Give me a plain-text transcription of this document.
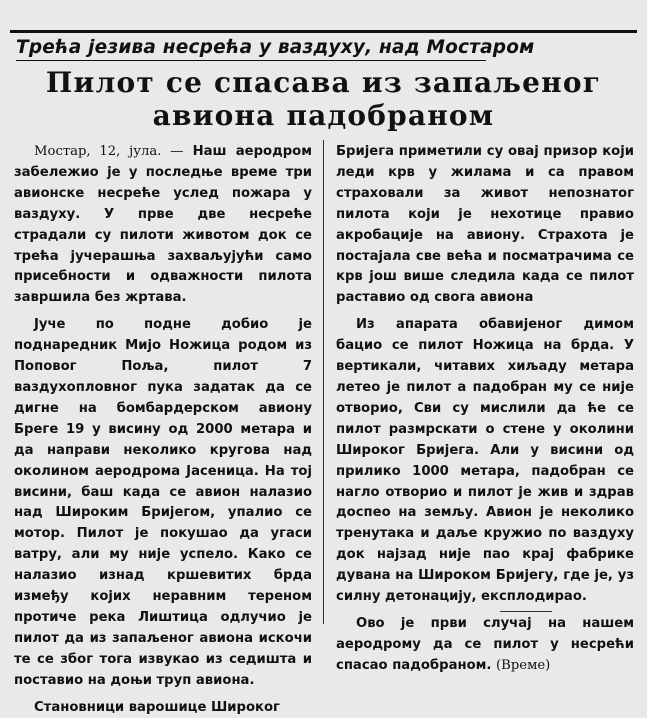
Трећа језива несрећа у ваздуху, над Мостаром
Пилот се спасава из запаљеног
авиона падобраном

Мостар, 12, јула. — Наш аеродром забележио је у последње време три авионске несреће услед пожара у ваздуху. У прве две несреће страдали су пилоти животом док се трећа јучерашња захваљујући само присебности и одважности пилота завршила без жртава.

Јуче по подне добио је поднаредник Мијо Ножица родом из Поповог Поља, пилот 7 ваздухопловног пука задатак да се дигне на бомбардерском авиону Бреге 19 у висину од 2000 метара и да направи неколико кругова над околином аеродрома Јасеница. На тој висини, баш када се авион налазио над Широким Бријегом, упалио се мотор. Пилот је покушао да угаси ватру, али му није успело. Како се налазио изнад кршевитих брда између којих неравним тереном протиче река Лиштица одлучио је пилот да из запаљеног авиона искочи те се због тога извукао из седишта и поставио на доњи труп авиона.

Становници варошице Широког

Бријега приметили су овај призор који леди крв у жилама и са правом страховали за живот непознатог пилота који је нехотице правио акробације на авиону. Страхота је постајала све већа и посматрачима се крв још више следила када се пилот раставио од свога авиона

Из апарата обавијеног димом бацио се пилот Ножица на брда. У вертикали, читавих хиљаду метара летео је пилот а падобран му се није отворио, Сви су мислили да ће се пилот размрскати о стене у околини Широког Бријега. Али у висини од прилико 1000 метара, падобран се нагло отворио и пилот је жив и здрав доспео на земљу. Авион је неколико тренутака и даље кружио по ваздуху док најзад није пао крај фабрике дувана на Широком Бријегу, где је, уз силну детонацију, експлодирао.

Ово је први случај на нашем аеродрому да се пилот у несрећи спасао падобраном. (Време)
